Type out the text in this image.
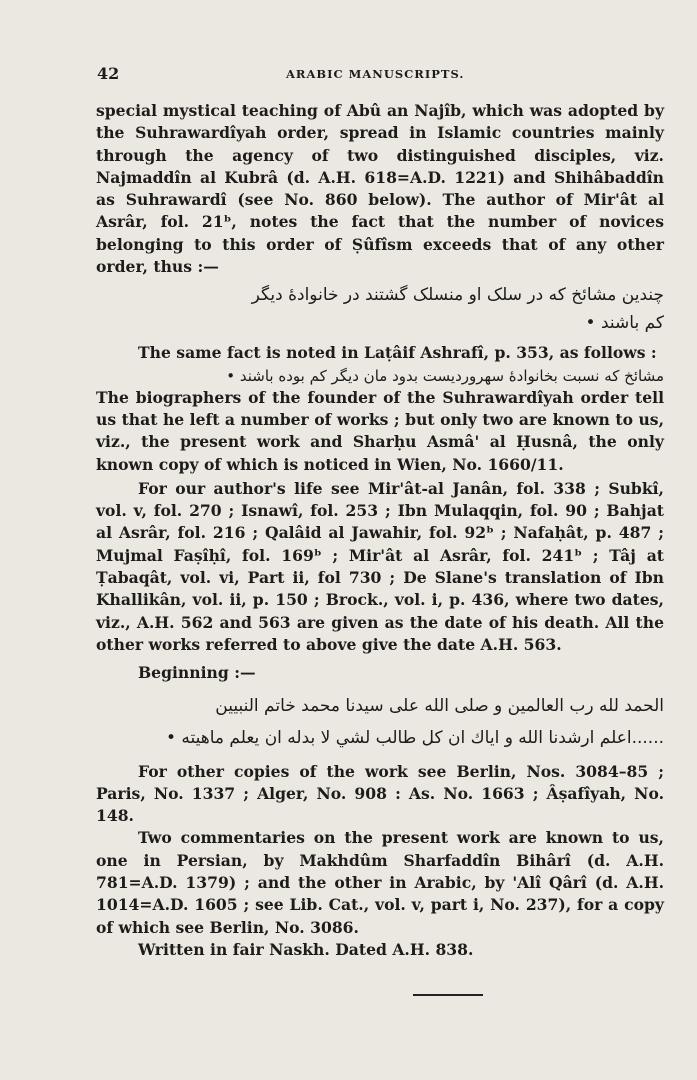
42	ARABIC MANUSCRIPTS.

special mystical teaching of Abû an Najîb, which was adopted by the Suhrawardîyah order, spread in Islamic countries mainly through the agency of two distinguished disciples, viz. Najmaddîn al Kubrâ (d. A.H. 618=A.D. 1221) and Shihâbaddîn as Suhrawardî (see No. 860 below). The author of Mir'ât al Asrâr, fol. 21ᵇ, notes the fact that the number of novices belonging to this order of Ṣûfîsm exceeds that of any other order, thus :—

چندین مشائخ که در سلک او منسلک گشتند در خانوادهٔ دیگر
کم باشند •

The same fact is noted in Laṭâif Ashrafî, p. 353, as follows :

مشائخ که نسبت بخانوادهٔ سهروردیست بدود مان دیگر کم بوده باشند •

The biographers of the founder of the Suhrawardîyah order tell us that he left a number of works ; but only two are known to us, viz., the present work and Sharḥu Asmâ' al Ḥusnâ, the only known copy of which is noticed in Wien, No. 1660/11.

For our author's life see Mir'ât-al Janân, fol. 338 ; Subkî, vol. v, fol. 270 ; Isnawî, fol. 253 ; Ibn Mulaqqin, fol. 90 ; Bahjat al Asrâr, fol. 216 ; Qalâid al Jawahir, fol. 92ᵇ ; Nafaḥât, p. 487 ; Mujmal Faṣîḥî, fol. 169ᵇ ; Mir'ât al Asrâr, fol. 241ᵇ ; Tâj at Ṭabaqât, vol. vi, Part ii, fol 730 ; De Slane's translation of Ibn Khallikân, vol. ii, p. 150 ; Brock., vol. i, p. 436, where two dates, viz., A.H. 562 and 563 are given as the date of his death. All the other works referred to above give the date A.H. 563.

Beginning :—

الحمد لله رب العالمين و صلى الله على سيدنا محمد خاتم النبيين
......اعلم ارشدنا الله و اياك ان كل طالب لشي لا بدله ان يعلم ماهيته •

For other copies of the work see Berlin, Nos. 3084–85 ; Paris, No. 1337 ; Alger, No. 908 : As. No. 1663 ; Âṣafîyah, No. 148.

Two commentaries on the present work are known to us, one in Persian, by Makhdûm Sharfaddîn Bihârî (d. A.H. 781=A.D. 1379) ; and the other in Arabic, by 'Alî Qârî (d. A.H. 1014=A.D. 1605 ; see Lib. Cat., vol. v, part i, No. 237), for a copy of which see Berlin, No. 3086.

Written in fair Naskh. Dated A.H. 838.
